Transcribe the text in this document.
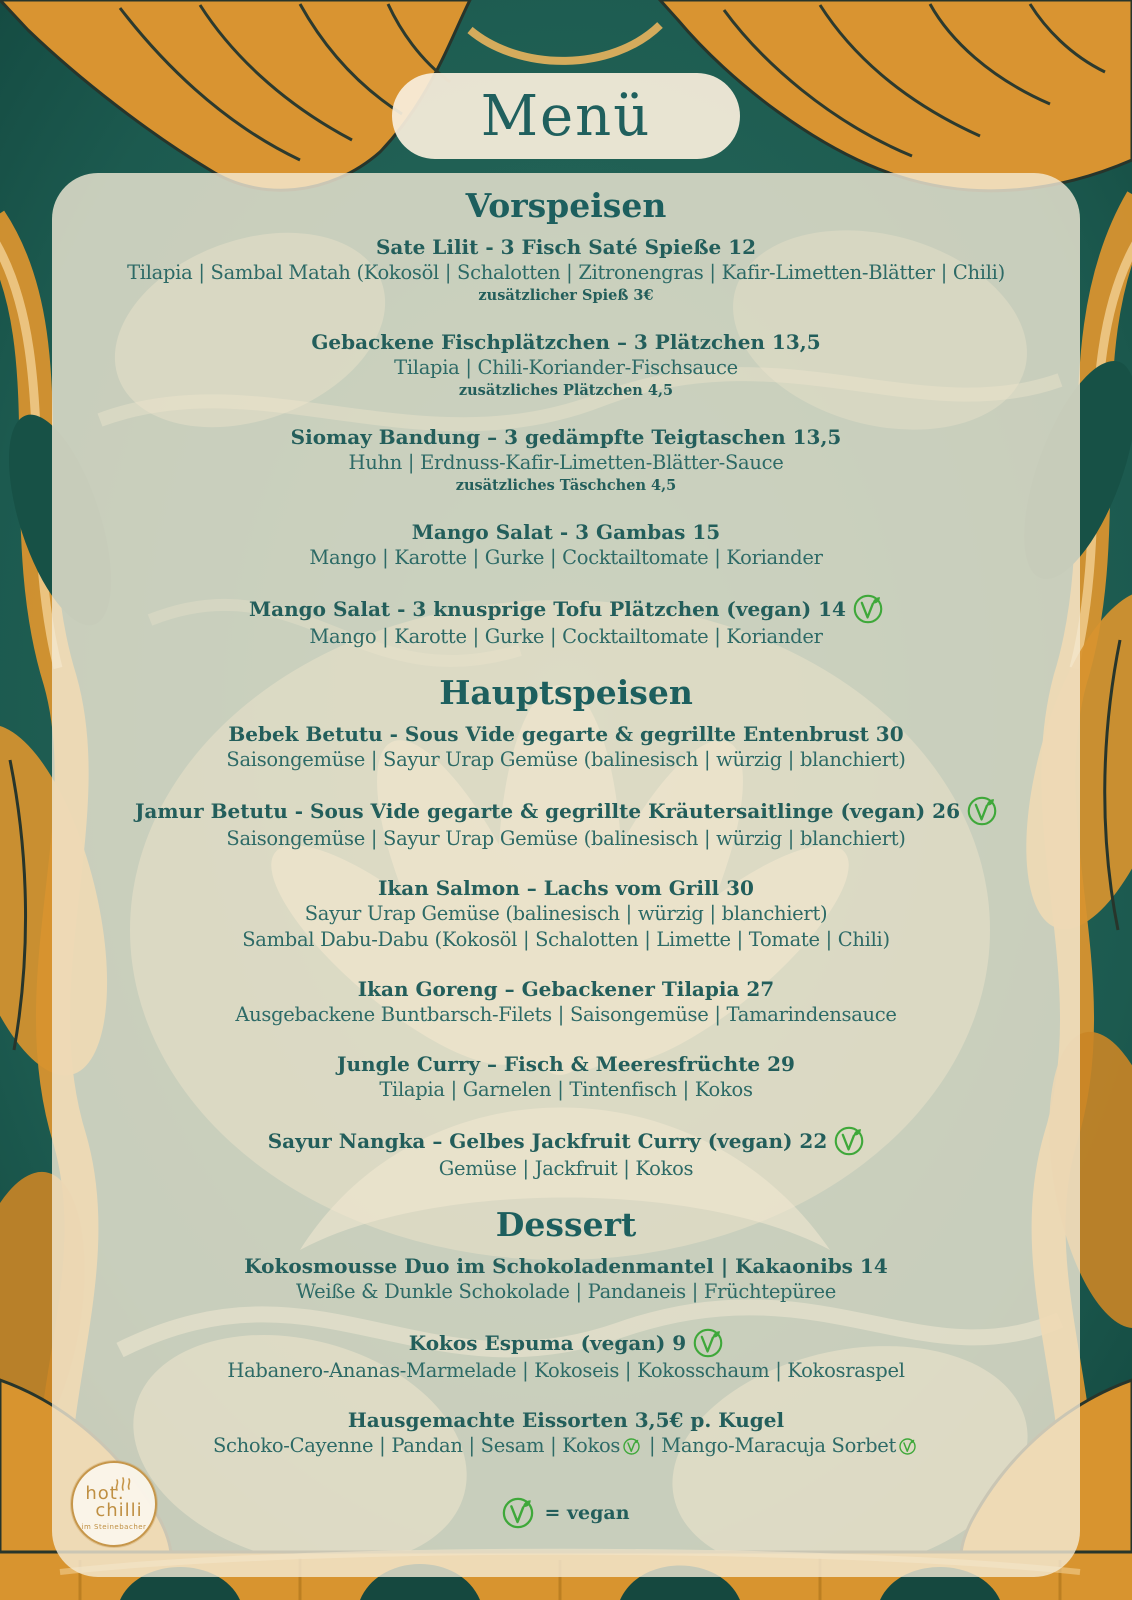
Menü
Vorspeisen
Sate Lilit - 3 Fisch Saté Spieße 12
Tilapia | Sambal Matah (Kokosöl | Schalotten | Zitronengras | Kafir-Limetten-Blätter | Chili)
zusätzlicher Spieß 3€
Gebackene Fischplätzchen – 3 Plätzchen 13,5
Tilapia | Chili-Koriander-Fischsauce
zusätzliches Plätzchen 4,5
Siomay Bandung – 3 gedämpfte Teigtaschen 13,5
Huhn | Erdnuss-Kafir-Limetten-Blätter-Sauce
zusätzliches Täschchen 4,5
Mango Salat - 3 Gambas 15
Mango | Karotte | Gurke | Cocktailtomate | Koriander
Mango Salat - 3 knusprige Tofu Plätzchen (vegan) 14
Mango | Karotte | Gurke | Cocktailtomate | Koriander
Hauptspeisen
Bebek Betutu - Sous Vide gegarte & gegrillte Entenbrust 30
Saisongemüse | Sayur Urap Gemüse (balinesisch | würzig | blanchiert)
Jamur Betutu - Sous Vide gegarte & gegrillte Kräutersaitlinge (vegan) 26
Saisongemüse | Sayur Urap Gemüse (balinesisch | würzig | blanchiert)
Ikan Salmon – Lachs vom Grill 30
Sayur Urap Gemüse (balinesisch | würzig | blanchiert)
Sambal Dabu-Dabu (Kokosöl | Schalotten | Limette | Tomate | Chili)
Ikan Goreng – Gebackener Tilapia 27
Ausgebackene Buntbarsch-Filets | Saisongemüse | Tamarindensauce
Jungle Curry – Fisch & Meeresfrüchte 29
Tilapia | Garnelen | Tintenfisch | Kokos
Sayur Nangka – Gelbes Jackfruit Curry (vegan) 22
Gemüse | Jackfruit | Kokos
Dessert
Kokosmousse Duo im Schokoladenmantel | Kakaonibs 14
Weiße & Dunkle Schokolade | Pandaneis | Früchtepüree
Kokos Espuma (vegan) 9
Habanero-Ananas-Marmelade | Kokoseis | Kokosschaum | Kokosraspel
Hausgemachte Eissorten 3,5€ p. Kugel
Schoko-Cayenne | Pandan | Sesam | Kokos | Mango-Maracuja Sorbet
= vegan
hot.
chilli
im Steinebacher
